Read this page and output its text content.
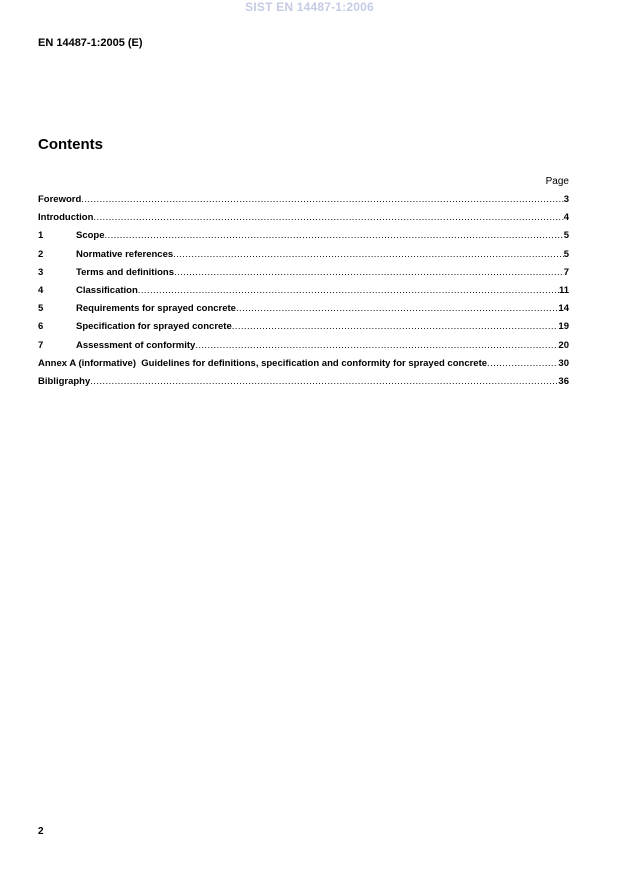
SIST EN 14487-1:2006
EN 14487-1:2005 (E)
Contents
Page
Foreword .....	3
Introduction .....	4
1	Scope .....	5
2	Normative references .....	5
3	Terms and definitions .....	7
4	Classification .....	11
5	Requirements for sprayed concrete .....	14
6	Specification for sprayed concrete .....	19
7	Assessment of conformity .....	20
Annex A (informative)  Guidelines for definitions, specification and conformity for sprayed concrete .....	30
Bibligraphy .....	36
2
